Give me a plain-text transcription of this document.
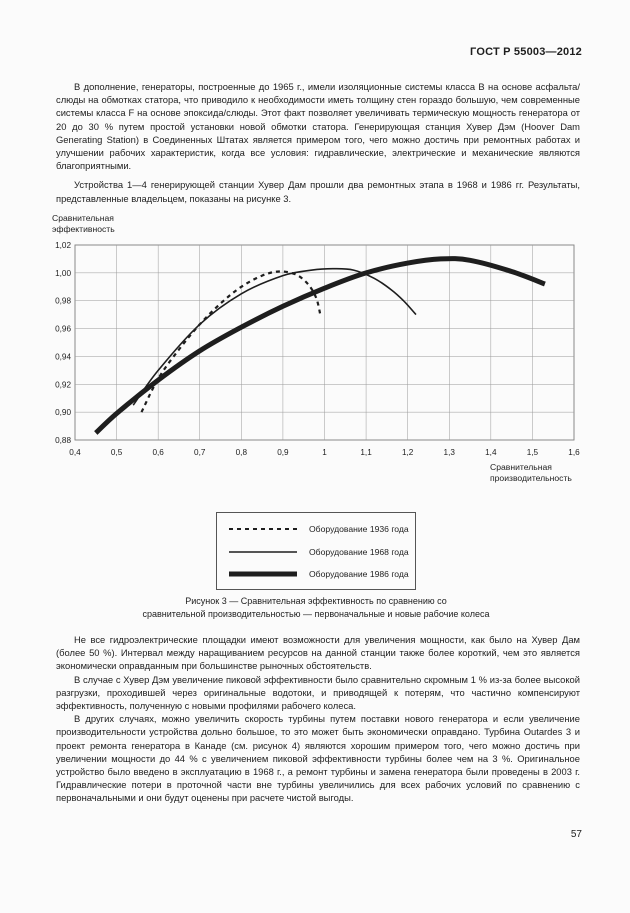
ГОСТ Р 55003—2012

В дополнение, генераторы, построенные до 1965 г., имели изоляционные системы класса В на основе асфальта/слюды на обмотках статора, что приводило к необходимости иметь толщину стен гораздо большую, чем современные системы класса F на основе эпоксида/слюды. Этот факт позволяет увеличивать термическую мощность генератора от 20 до 30 % путем простой установки новой обмотки статора. Генерирующая станция Хувер Дэм (Hoover Dam Generating Station) в Соединенных Штатах является примером того, чего можно достичь при ремонтных работах и улучшении рабочих характеристик, когда все условия: гидравлические, электрические и механические являются благоприятными.

Устройства 1—4 генерирующей станции Хувер Дам прошли два ремонтных этапа в 1968 и 1986 гг. Результаты, представленные владельцем, показаны на рисунке 3.

0,88
0,90
0,92
0,94
0,96
0,98
1,00
1,02
0,4	0,5	0,6	0,7	0,8	0,9	1	1,1	1,2	1,3	1,4	1,5	1,6
Сравнительная
эффективность
Сравнительная
производительность
Оборудование 1936 года
Оборудование 1968 года
Оборудование 1986 года
Рисунок 3 — Сравнительная эффективность по сравнению со
сравнительной производительностью — первоначальные и новые рабочие колеса

Не все гидроэлектрические площадки имеют возможности для увеличения мощности, как было на Хувер Дам (более 50 %). Интервал между наращиванием ресурсов на данной станции также более короткий, чем это является экономически оправданным при большинстве рыночных обстоятельств.

В случае с Хувер Дэм увеличение пиковой эффективности было сравнительно скромным 1 % из-за более высокой разгрузки, проходившей через оригинальные водотоки, и приводящей к потерям, что частично компенсируют эффективность, полученную с новыми профилями рабочего колеса.

В других случаях, можно увеличить скорость турбины путем поставки нового генератора и если увеличение производительности устройства дольно большое, то это может быть экономически оправдано. Турбина Outardes 3 и проект ремонта генератора в Канаде (см. рисунок 4) являются хорошим примером того, чего можно достичь при увеличении мощности до 44 % с увеличением пиковой эффективности турбины более чем на 3 %. Оригинальное устройство было введено в эксплуатацию в 1968 г., а ремонт турбины и замена генератора были проведены в 2003 г. Гидравлические потери в проточной части вне турбины увеличились для всех рабочих условий по сравнению с первоначальными и они будут оценены при расчете чистой выгоды.

57
